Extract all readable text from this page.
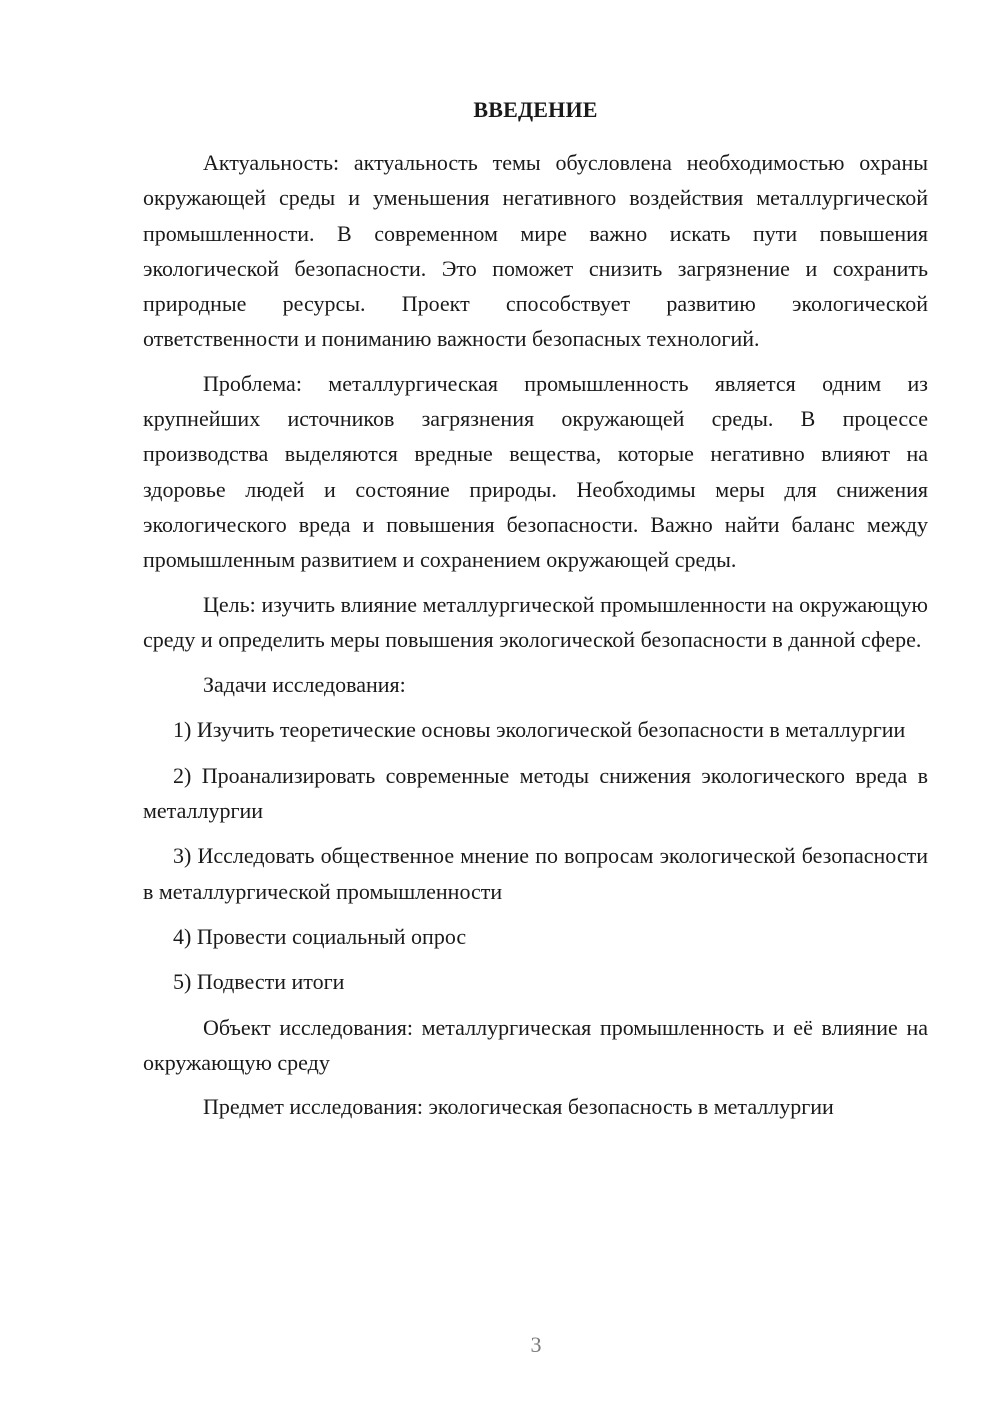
ВВЕДЕНИЕ

Актуальность: актуальность темы обусловлена необходимостью охраны окружающей среды и уменьшения негативного воздействия металлургической промышленности. В современном мире важно искать пути повышения экологической безопасности. Это поможет снизить загрязнение и сохранить природные ресурсы. Проект способствует развитию экологической ответственности и пониманию важности безопасных технологий.

Проблема: металлургическая промышленность является одним из крупнейших источников загрязнения окружающей среды. В процессе производства выделяются вредные вещества, которые негативно влияют на здоровье людей и состояние природы. Необходимы меры для снижения экологического вреда и повышения безопасности. Важно найти баланс между промышленным развитием и сохранением окружающей среды.

Цель: изучить влияние металлургической промышленности на окружающую среду и определить меры повышения экологической безопасности в данной сфере.

Задачи исследования:

1) Изучить теоретические основы экологической безопасности в металлургии

2) Проанализировать современные методы снижения экологического вреда в металлургии

3) Исследовать общественное мнение по вопросам экологической безопасности в металлургической промышленности

4) Провести социальный опрос

5) Подвести итоги

Объект исследования: металлургическая промышленность и её влияние на окружающую среду

Предмет исследования: экологическая безопасность в металлургии

3
